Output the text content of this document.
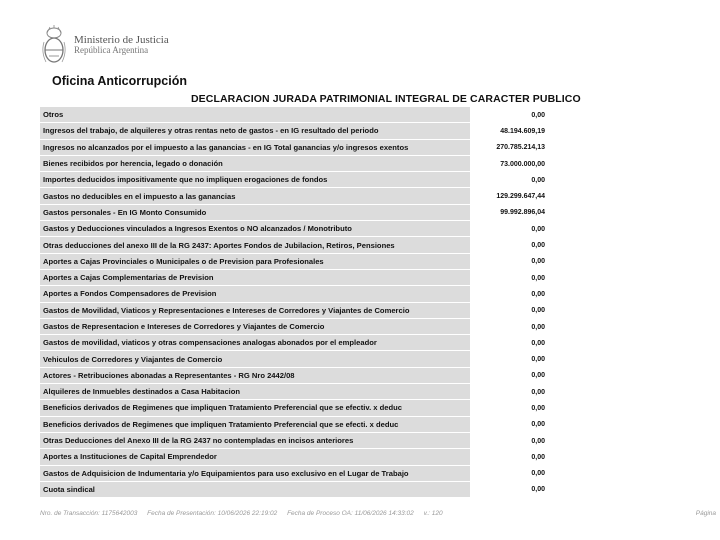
Ministerio de Justicia
República Argentina
Oficina Anticorrupción
DECLARACION JURADA PATRIMONIAL INTEGRAL DE CARACTER PUBLICO
Otros	0,00
Ingresos del trabajo, de alquileres y otras rentas neto de gastos - en IG resultado del periodo	48.194.609,19
Ingresos no alcanzados por el impuesto a las ganancias - en IG Total ganancias y/o ingresos exentos	270.785.214,13
Bienes recibidos por herencia, legado o donación	73.000.000,00
Importes deducidos impositivamente que no impliquen erogaciones de fondos	0,00
Gastos no deducibles en el impuesto a las ganancias	129.299.647,44
Gastos personales - En IG Monto Consumido	99.992.896,04
Gastos y Deducciones vinculados a Ingresos Exentos o NO alcanzados / Monotributo	0,00
Otras deducciones del anexo III de la RG 2437: Aportes Fondos de Jubilacion, Retiros, Pensiones	0,00
Aportes a Cajas Provinciales o Municipales o de Prevision para Profesionales	0,00
Aportes a Cajas Complementarias de Prevision	0,00
Aportes a Fondos Compensadores de Prevision	0,00
Gastos de Movilidad, Viaticos y Representaciones e Intereses de Corredores y Viajantes de Comercio	0,00
Gastos de Representacion e Intereses de Corredores y Viajantes de Comercio	0,00
Gastos de movilidad, viaticos y otras compensaciones analogas abonados por el empleador	0,00
Vehiculos de Corredores y Viajantes de Comercio	0,00
Actores - Retribuciones abonadas a Representantes - RG Nro 2442/08	0,00
Alquileres de Inmuebles destinados a Casa Habitacion	0,00
Beneficios derivados de Regimenes que impliquen Tratamiento Preferencial que se efectiv. x deduc	0,00
Beneficios derivados de Regimenes que impliquen Tratamiento Preferencial que se efecti. x deduc	0,00
Otras Deducciones del Anexo III de la RG 2437 no contempladas en incisos anteriores	0,00
Aportes a Instituciones de Capital Emprendedor	0,00
Gastos de Adquisicion de Indumentaria y/o Equipamientos para uso exclusivo en el Lugar de Trabajo	0,00
Cuota sindical	0,00
Nro. de Transacción: 1175642003 Fecha de Presentación: 10/06/2026 22:19:02 Fecha de Proceso OA: 11/06/2026 14:33:02 v.: 120	Página
